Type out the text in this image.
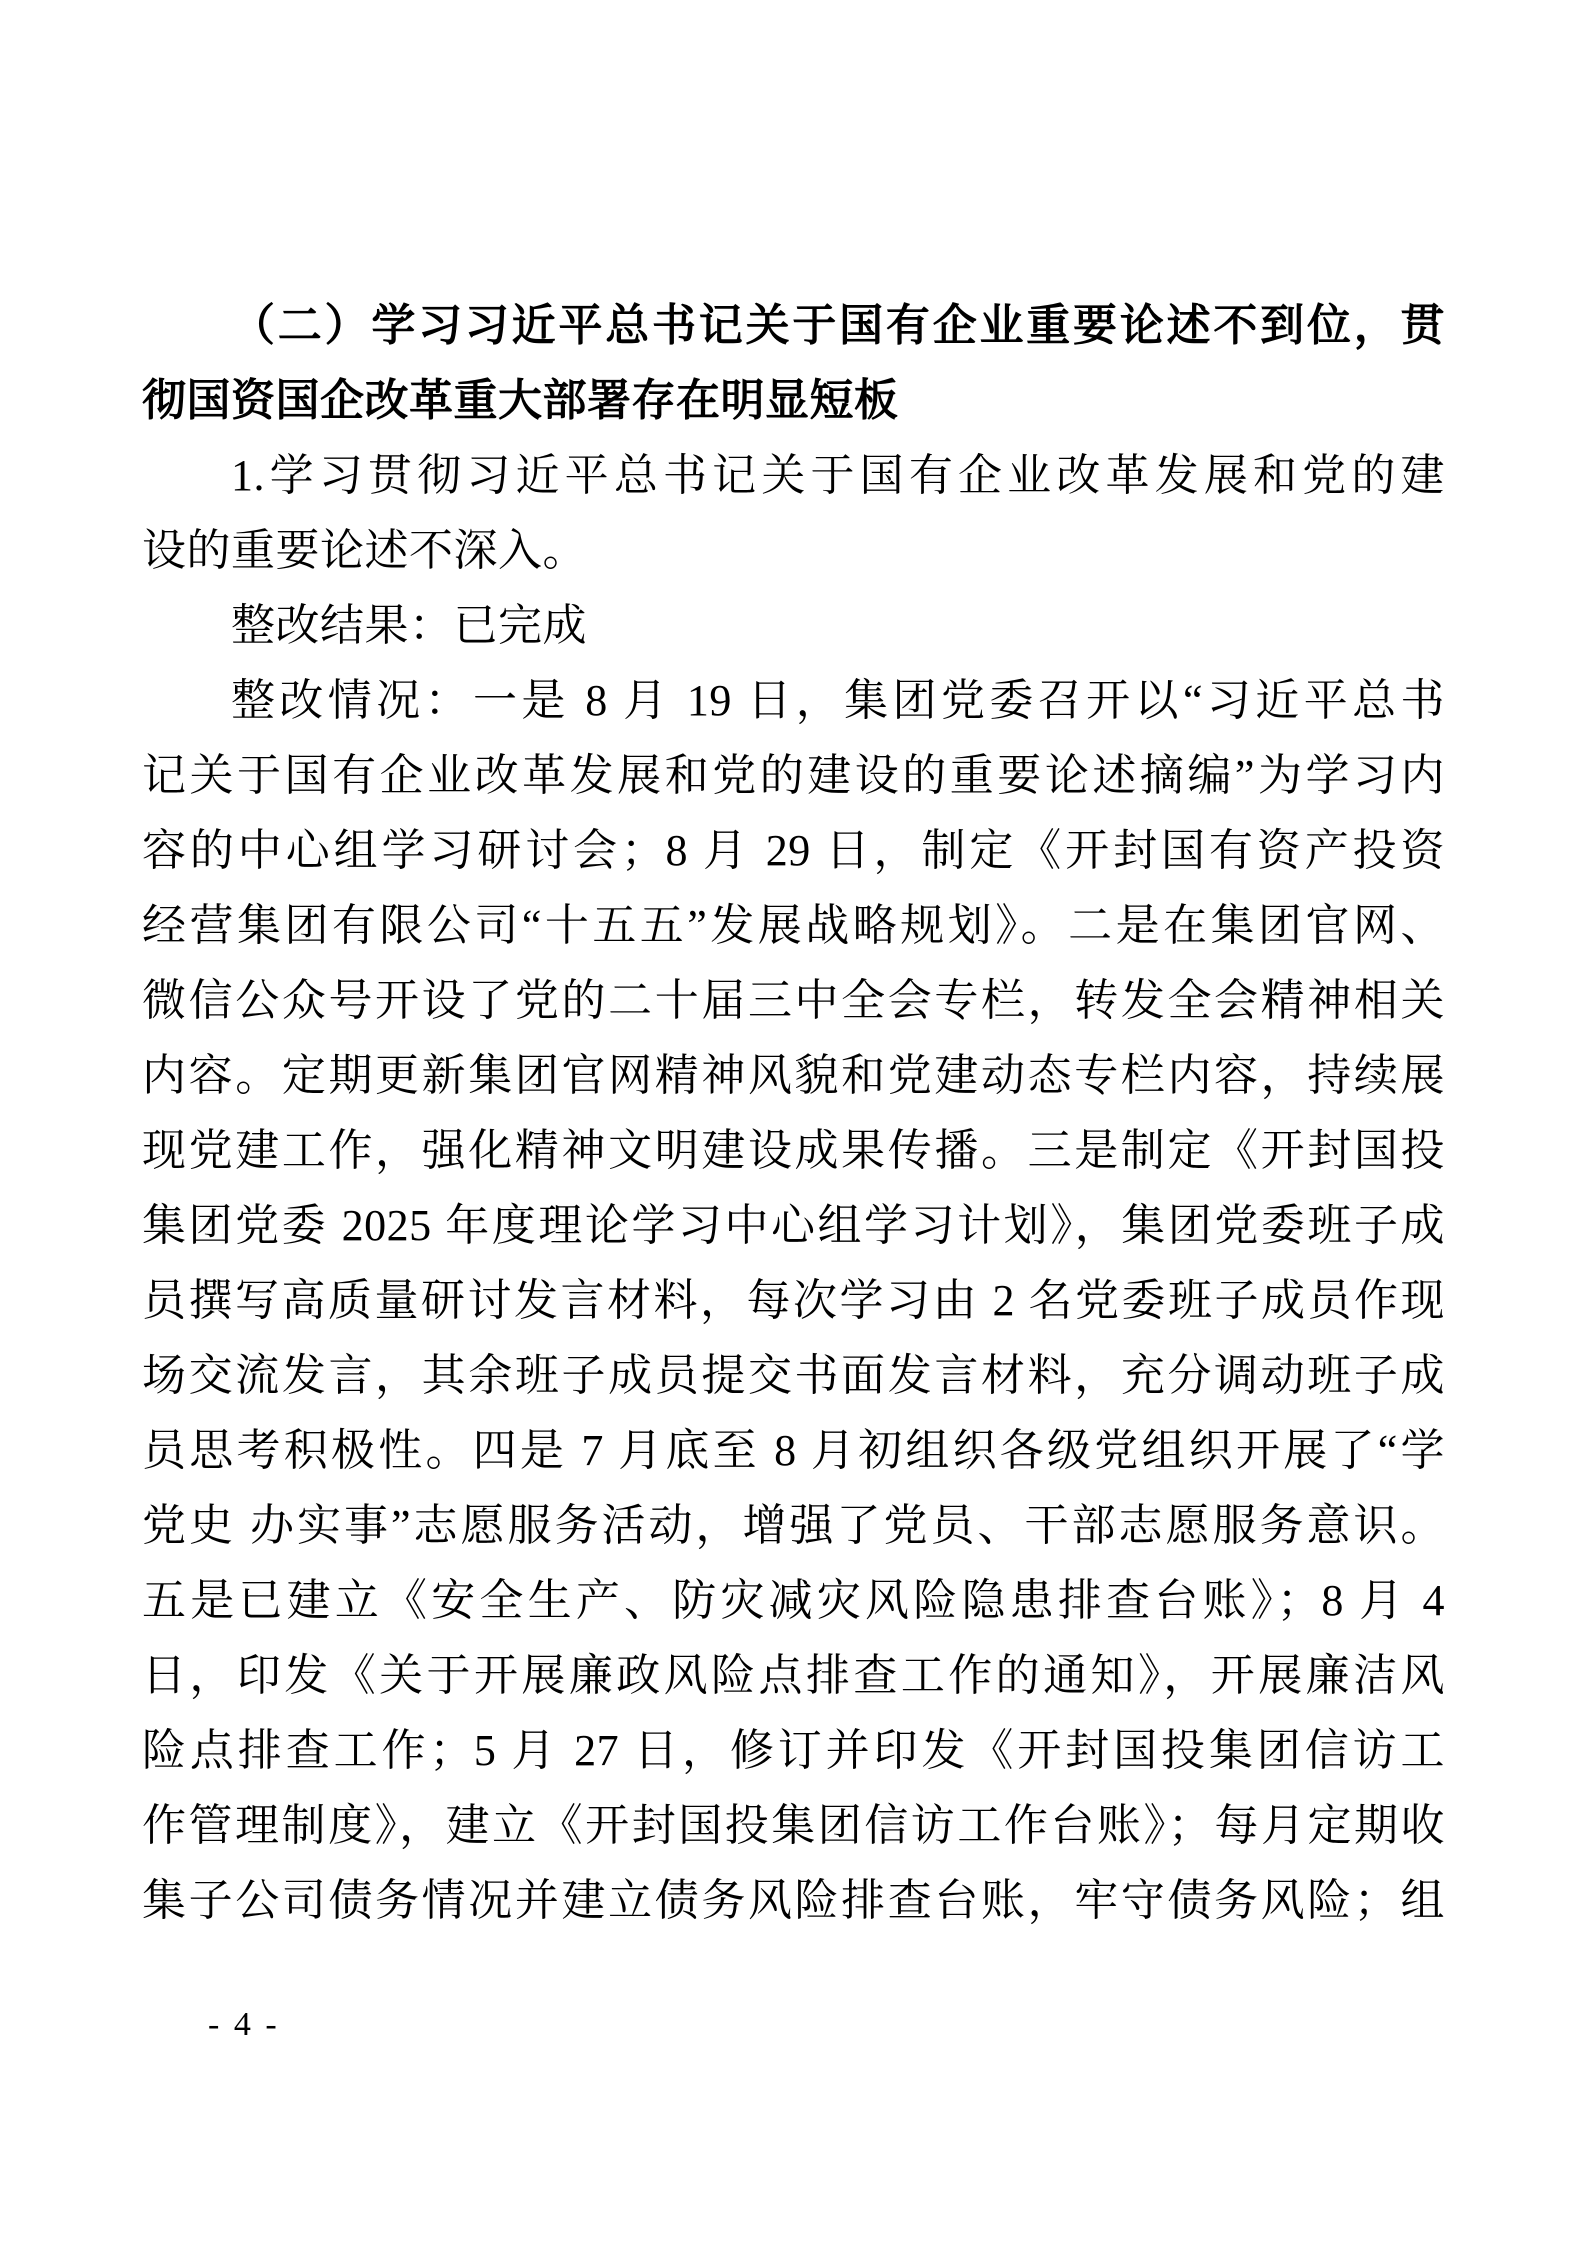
（二）学习习近平总书记关于国有企业重要论述不到位，贯
彻国资国企改革重大部署存在明显短板
1.学习贯彻习近平总书记关于国有企业改革发展和党的建
设的重要论述不深入。
整改结果：已完成
整改情况：一是 8 月 19 日，集团党委召开以“习近平总书
记关于国有企业改革发展和党的建设的重要论述摘编”为学习内
容的中心组学习研讨会；8 月 29 日，制定《开封国有资产投资
经营集团有限公司“十五五”发展战略规划》。二是在集团官网、
微信公众号开设了党的二十届三中全会专栏，转发全会精神相关
内容。定期更新集团官网精神风貌和党建动态专栏内容，持续展
现党建工作，强化精神文明建设成果传播。三是制定《开封国投
集团党委 2025 年度理论学习中心组学习计划》，集团党委班子成
员撰写高质量研讨发言材料，每次学习由 2 名党委班子成员作现
场交流发言，其余班子成员提交书面发言材料，充分调动班子成
员思考积极性。四是 7 月底至 8 月初组织各级党组织开展了“学
党史 办实事”志愿服务活动，增强了党员、干部志愿服务意识。
五是已建立《安全生产、防灾减灾风险隐患排查台账》；8 月 4
日，印发《关于开展廉政风险点排查工作的通知》，开展廉洁风
险点排查工作；5 月 27 日，修订并印发《开封国投集团信访工
作管理制度》，建立《开封国投集团信访工作台账》；每月定期收
集子公司债务情况并建立债务风险排查台账，牢守债务风险；组
- 4 -
